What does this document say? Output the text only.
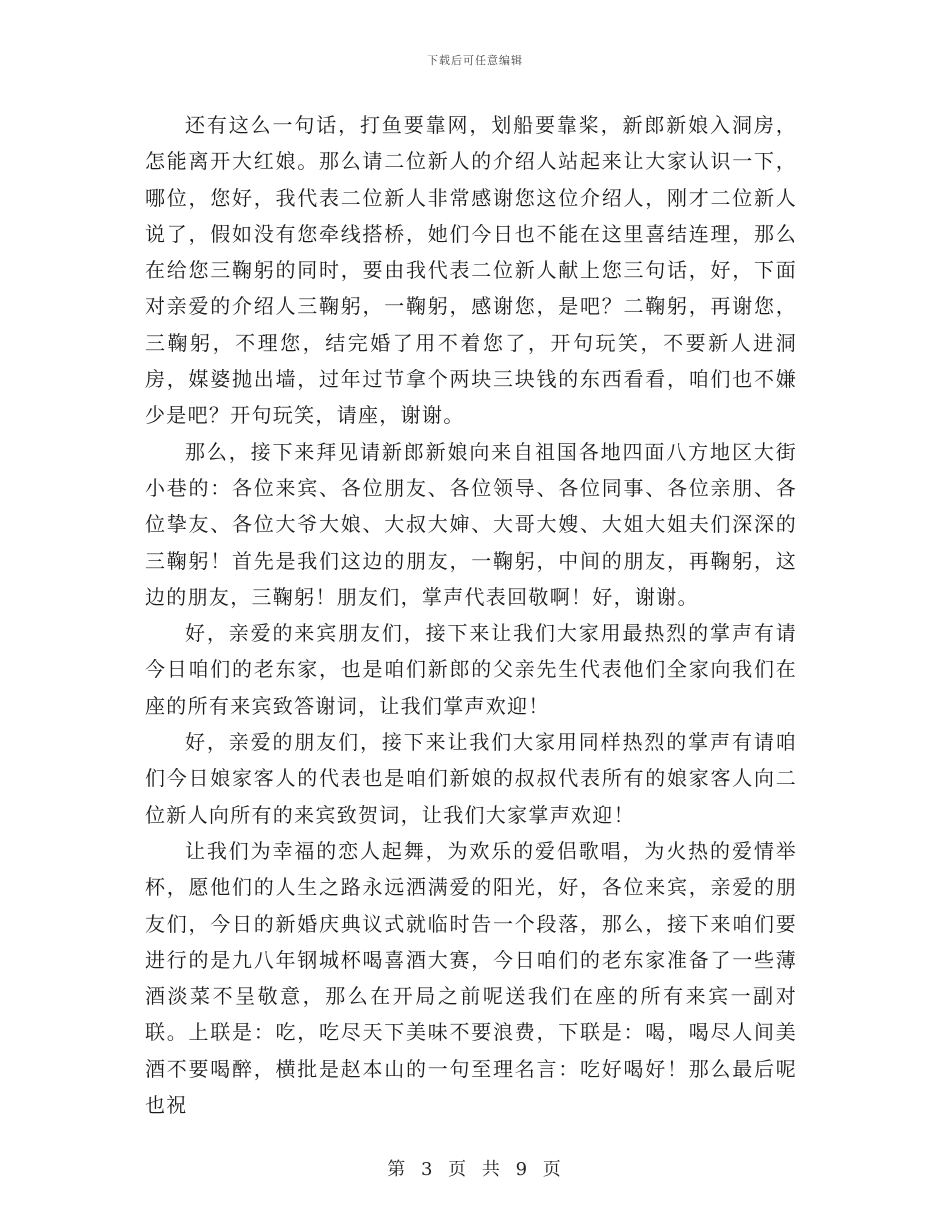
下载后可任意编辑

还有这么一句话，打鱼要靠网，划船要靠桨，新郎新娘入洞房，怎能离开大红娘。那么请二位新人的介绍人站起来让大家认识一下，哪位，您好，我代表二位新人非常感谢您这位介绍人，刚才二位新人说了，假如没有您牵线搭桥，她们今日也不能在这里喜结连理，那么在给您三鞠躬的同时，要由我代表二位新人献上您三句话，好，下面对亲爱的介绍人三鞠躬，一鞠躬，感谢您，是吧？二鞠躬，再谢您，三鞠躬，不理您，结完婚了用不着您了，开句玩笑，不要新人进洞房，媒婆抛出墙，过年过节拿个两块三块钱的东西看看，咱们也不嫌少是吧？开句玩笑，请座，谢谢。

那么，接下来拜见请新郎新娘向来自祖国各地四面八方地区大街小巷的：各位来宾、各位朋友、各位领导、各位同事、各位亲朋、各位挚友、各位大爷大娘、大叔大婶、大哥大嫂、大姐大姐夫们深深的三鞠躬！首先是我们这边的朋友，一鞠躬，中间的朋友，再鞠躬，这边的朋友，三鞠躬！朋友们，掌声代表回敬啊！好，谢谢。

好，亲爱的来宾朋友们，接下来让我们大家用最热烈的掌声有请今日咱们的老东家，也是咱们新郎的父亲先生代表他们全家向我们在座的所有来宾致答谢词，让我们掌声欢迎！

好，亲爱的朋友们，接下来让我们大家用同样热烈的掌声有请咱们今日娘家客人的代表也是咱们新娘的叔叔代表所有的娘家客人向二位新人向所有的来宾致贺词，让我们大家掌声欢迎！

让我们为幸福的恋人起舞，为欢乐的爱侣歌唱，为火热的爱情举杯，愿他们的人生之路永远洒满爱的阳光，好，各位来宾，亲爱的朋友们，今日的新婚庆典议式就临时告一个段落，那么，接下来咱们要进行的是九八年钢城杯喝喜酒大赛，今日咱们的老东家准备了一些薄酒淡菜不呈敬意，那么在开局之前呢送我们在座的所有来宾一副对联。上联是：吃，吃尽天下美味不要浪费，下联是：喝，喝尽人间美酒不要喝醉，横批是赵本山的一句至理名言：吃好喝好！那么最后呢也祝

第 3 页 共 9 页
